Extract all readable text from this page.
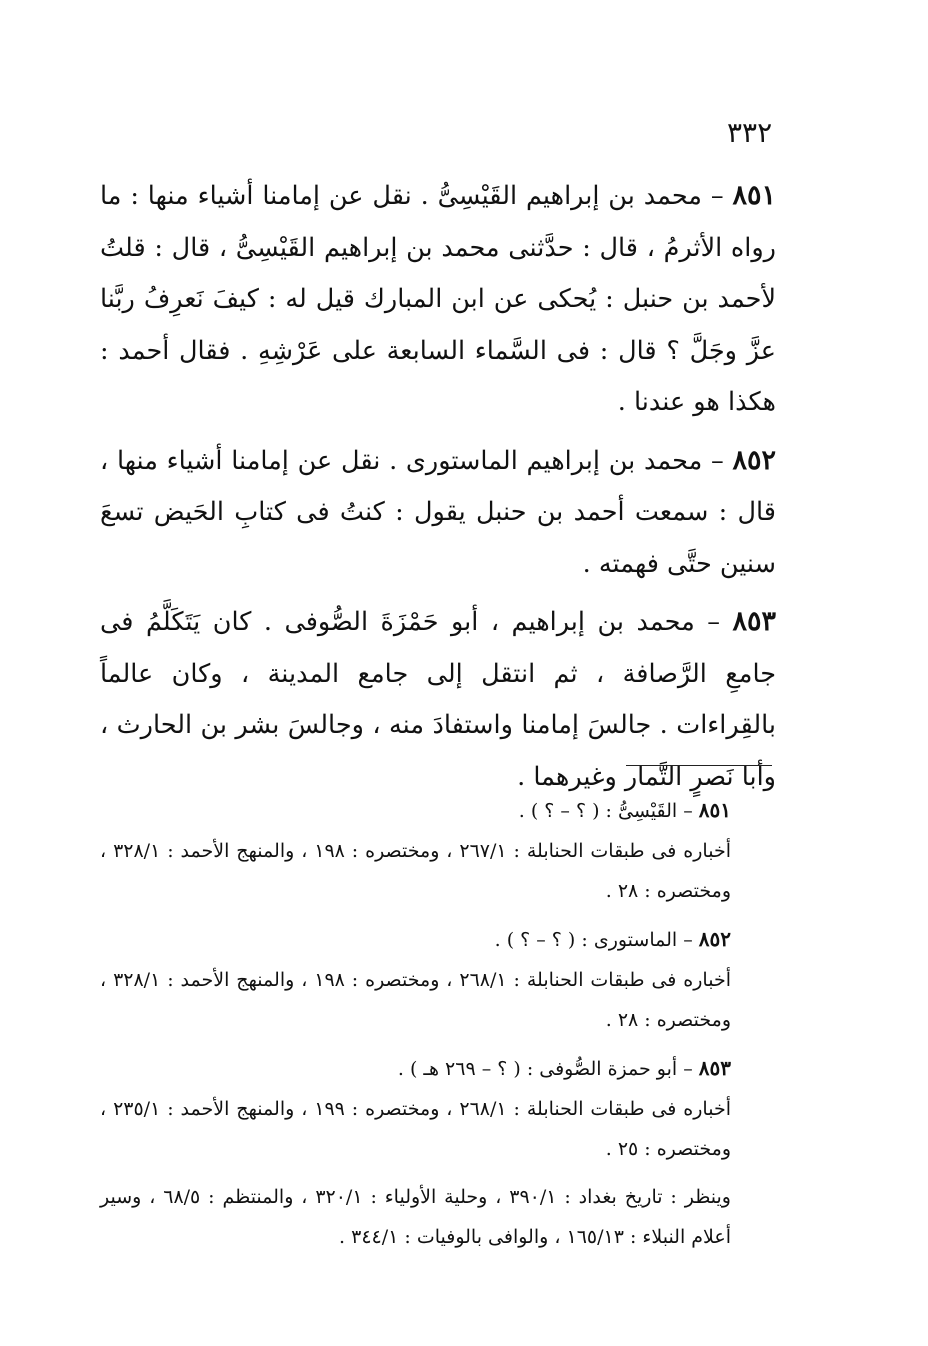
٣٣٢

٨٥١ – محمد بن إبراهيم القَيْسِىُّ . نقل عن إمامنا أشياء منها : ما رواه الأثرمُ ، قال : حدَّثنى محمد بن إبراهيم القَيْسِىُّ ، قال : قلتُ لأحمد بن حنبل : يُحكى عن ابن المبارك قيل له : كيفَ نَعرِفُ ربَّنا عزَّ وجَلَّ ؟ قال : فى السَّماء السابعة على عَرْشِهِ . فقال أحمد : هكذا هو عندنا .

٨٥٢ – محمد بن إبراهيم الماستورى . نقل عن إمامنا أشياء منها ، قال : سمعت أحمد بن حنبل يقول : كنتُ فى كتابِ الحَيض تسعَ سنين حتَّى فهمته .

٨٥٣ – محمد بن إبراهيم ، أبو حَمْزَةَ الصُّوفى . كان يَتَكَلَّمُ فى جامعِ الرَّصافة ، ثم انتقل إلى جامع المدينة ، وكان عالماً بالقِراءات . جالسَ إمامنا واستفادَ منه ، وجالسَ بشر بن الحارث ، وأبا نَصرٍ التَّمار وغيرهما .

٨٥١ – القَيْسِىُّ : ( ؟ – ؟ ) .
أخباره فى طبقات الحنابلة : ٢٦٧/١ ، ومختصره : ١٩٨ ، والمنهج الأحمد : ٣٢٨/١ ، ومختصره : ٢٨ .
٨٥٢ – الماستورى : ( ؟ – ؟ ) .
أخباره فى طبقات الحنابلة : ٢٦٨/١ ، ومختصره : ١٩٨ ، والمنهج الأحمد : ٣٢٨/١ ، ومختصره : ٢٨ .
٨٥٣ – أبو حمزة الصُّوفى : ( ؟ – ٢٦٩ هـ ) .
أخباره فى طبقات الحنابلة : ٢٦٨/١ ، ومختصره : ١٩٩ ، والمنهج الأحمد : ٢٣٥/١ ، ومختصره : ٢٥ .
وينظر : تاريخ بغداد : ٣٩٠/١ ، وحلية الأولياء : ٣٢٠/١ ، والمنتظم : ٦٨/٥ ، وسير أعلام النبلاء : ١٦٥/١٣ ، والوافى بالوفيات : ٣٤٤/١ .
